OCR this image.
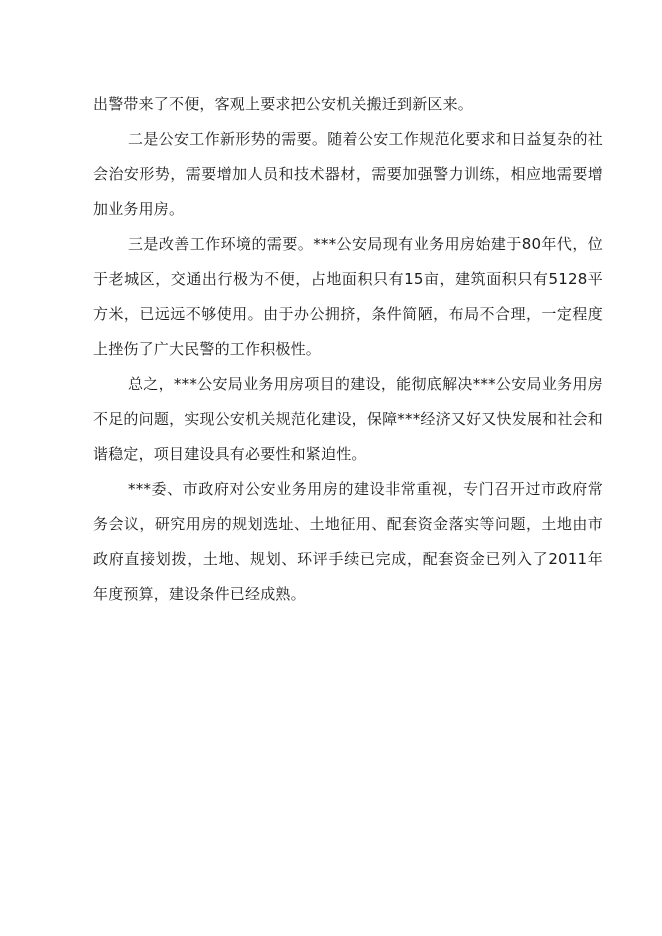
出警带来了不便，客观上要求把公安机关搬迁到新区来。

二是公安工作新形势的需要。随着公安工作规范化要求和日益复杂的社会治安形势，需要增加人员和技术器材，需要加强警力训练，相应地需要增加业务用房。

三是改善工作环境的需要。***公安局现有业务用房始建于80年代，位于老城区，交通出行极为不便，占地面积只有15亩，建筑面积只有5128平方米，已远远不够使用。由于办公拥挤，条件简陋，布局不合理，一定程度上挫伤了广大民警的工作积极性。

总之，***公安局业务用房项目的建设，能彻底解决***公安局业务用房不足的问题，实现公安机关规范化建设，保障***经济又好又快发展和社会和谐稳定，项目建设具有必要性和紧迫性。

***委、市政府对公安业务用房的建设非常重视，专门召开过市政府常务会议，研究用房的规划选址、土地征用、配套资金落实等问题，土地由市政府直接划拨，土地、规划、环评手续已完成，配套资金已列入了2011年年度预算，建设条件已经成熟。
